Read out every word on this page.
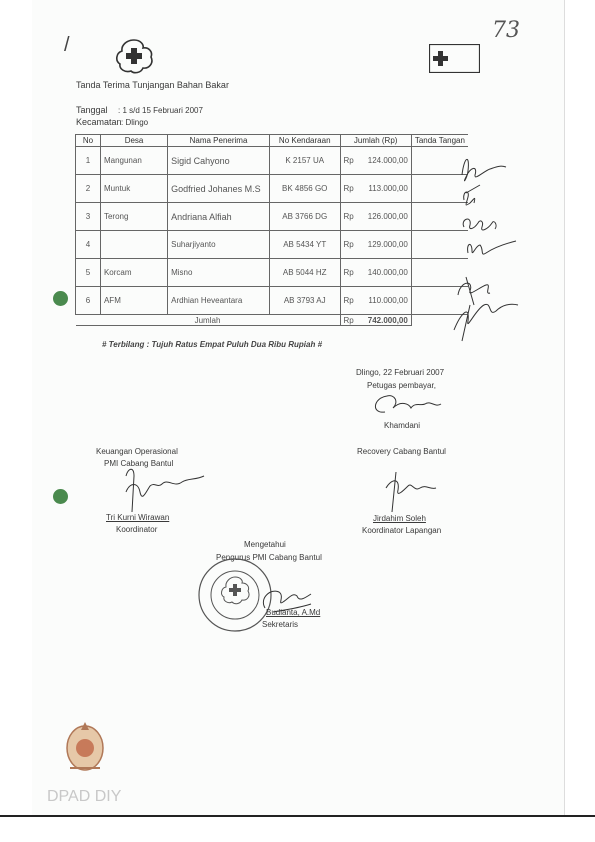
73
/
Tanda Terima Tunjangan Bahan Bakar
Tanggal : 1 s/d 15 Februari 2007
Kecamatan : Dlingo
No	Desa	Nama Penerima	No Kendaraan	Jumlah (Rp)	Tanda Tangan
1	Mangunan	Sigid Cahyono	K 2157 UA	Rp 124.000,00	

2	Muntuk	Godfried Johanes M.S	BK 4856 GO	Rp 113.000,00	

3	Terong	Andriana Alfiah	AB 3766 DG	Rp 126.000,00	

4		Suharjiyanto	AB 5434 YT	Rp 129.000,00	

5	Korcam	Misno	AB 5044 HZ	Rp 140.000,00	

6	AFM	Ardhian Heveantara	AB 3793 AJ	Rp 110.000,00	

Jumlah				Rp 742.000,00	

# Terbilang : Tujuh Ratus Empat Puluh Dua Ribu Rupiah #
Dlingo, 22 Februari 2007
Petugas pembayar,
Khamdani
Keuangan Operasional
PMI Cabang Bantul
Tri Kurni Wirawan
Koordinator
Recovery Cabang Bantul
Jirdahim Soleh
Koordinator Lapangan
Mengetahui
Pengurus PMI Cabang Bantul
Budianta, A.Md
Sekretaris
DPAD DIY
